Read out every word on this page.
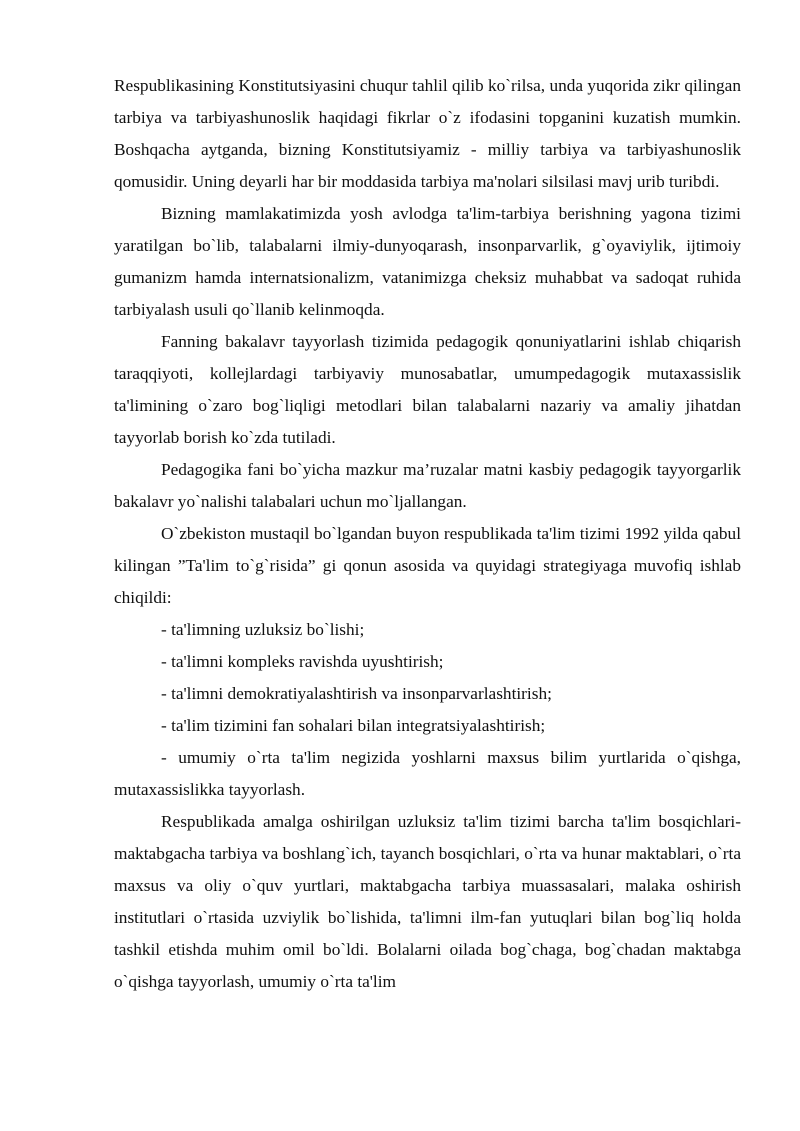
Respublikasining Konstitutsiyasini chuqur tahlil qilib ko`rilsa, unda yuqorida zikr qilingan tarbiya va tarbiyashunoslik haqidagi fikrlar o`z ifodasini topganini kuzatish mumkin. Boshqacha aytganda, bizning Konstitutsiyamiz - milliy tarbiya va tarbiyashunoslik qomusidir. Uning deyarli har bir moddasida tarbiya ma'nolari silsilasi mavj urib turibdi.

Bizning mamlakatimizda yosh avlodga ta'lim-tarbiya berishning yagona tizimi yaratilgan bo`lib, talabalarni ilmiy-dunyoqarash, insonparvarlik, g`oyaviylik, ijtimoiy gumanizm hamda internatsionalizm, vatanimizga cheksiz muhabbat va sadoqat ruhida tarbiyalash usuli qo`llanib kelinmoqda.

Fanning bakalavr tayyorlash tizimida pedagogik qonuniyatlarini ishlab chiqarish taraqqiyoti, kollejlardagi tarbiyaviy munosabatlar, umumpedagogik mutaxassislik ta'limining o`zaro bog`liqligi metodlari bilan talabalarni nazariy va amaliy jihatdan tayyorlab borish ko`zda tutiladi.

Pedagogika fani bo`yicha mazkur ma’ruzalar matni kasbiy pedagogik tayyorgarlik bakalavr yo`nalishi talabalari uchun mo`ljallangan.

O`zbekiston mustaqil bo`lgandan buyon respublikada ta'lim tizimi 1992 yilda qabul kilingan ”Ta'lim to`g`risida” gi qonun asosida va quyidagi strategiyaga muvofiq ishlab chiqildi:

- ta'limning uzluksiz bo`lishi;

- ta'limni kompleks ravishda uyushtirish;

- ta'limni demokratiyalashtirish va insonparvarlashtirish;

- ta'lim tizimini fan sohalari bilan integratsiyalashtirish;

- umumiy o`rta ta'lim negizida yoshlarni maxsus bilim yurtlarida o`qishga, mutaxassislikka tayyorlash.

Respublikada amalga oshirilgan uzluksiz ta'lim tizimi barcha ta'lim bosqichlari-maktabgacha tarbiya va boshlang`ich, tayanch bosqichlari, o`rta va hunar maktablari, o`rta maxsus va oliy o`quv yurtlari, maktabgacha tarbiya muassasalari, malaka oshirish institutlari o`rtasida uzviylik bo`lishida, ta'limni ilm-fan yutuqlari bilan bog`liq holda tashkil etishda muhim omil bo`ldi. Bolalarni oilada bog`chaga, bog`chadan maktabga o`qishga tayyorlash, umumiy o`rta ta'lim
